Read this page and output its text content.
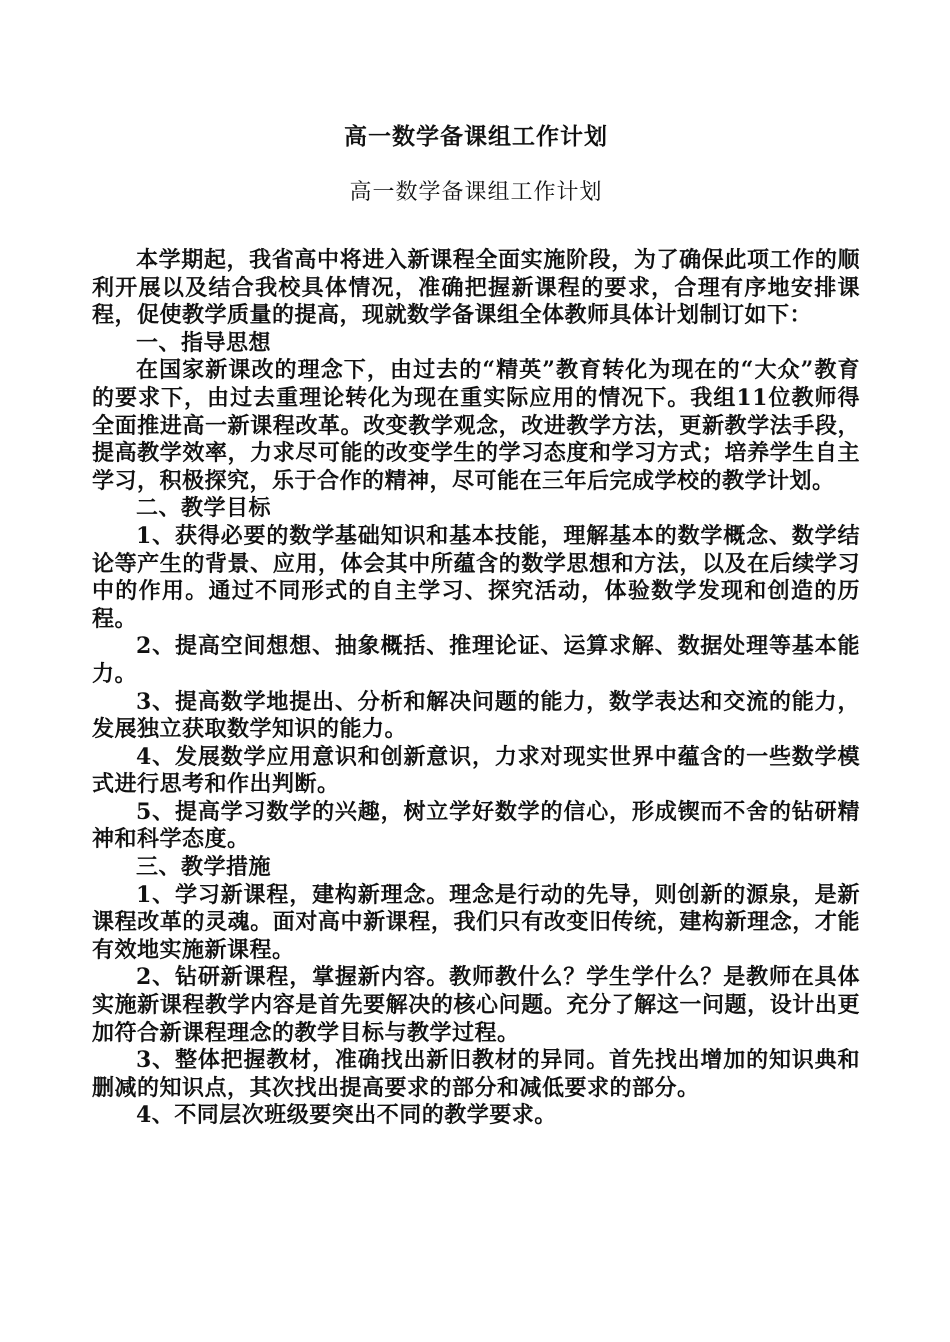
高一数学备课组工作计划
高一数学备课组工作计划

本学期起，我省高中将进入新课程全面实施阶段，为了确保此项工作的顺利开展以及结合我校具体情况，准确把握新课程的要求，合理有序地安排课程，促使教学质量的提高，现就数学备课组全体教师具体计划制订如下：

一、指导思想

在国家新课改的理念下，由过去的“精英”教育转化为现在的“大众”教育的要求下，由过去重理论转化为现在重实际应用的情况下。我组11位教师得全面推进高一新课程改革。改变教学观念，改进教学方法，更新教学法手段，提高教学效率，力求尽可能的改变学生的学习态度和学习方式；培养学生自主学习，积极探究，乐于合作的精神，尽可能在三年后完成学校的教学计划。

二、教学目标

1、获得必要的数学基础知识和基本技能，理解基本的数学概念、数学结论等产生的背景、应用，体会其中所蕴含的数学思想和方法，以及在后续学习中的作用。通过不同形式的自主学习、探究活动，体验数学发现和创造的历程。

2、提高空间想想、抽象概括、推理论证、运算求解、数据处理等基本能力。

3、提高数学地提出、分析和解决问题的能力，数学表达和交流的能力，发展独立获取数学知识的能力。

4、发展数学应用意识和创新意识，力求对现实世界中蕴含的一些数学模式进行思考和作出判断。

5、提高学习数学的兴趣，树立学好数学的信心，形成锲而不舍的钻研精神和科学态度。

三、教学措施

1、学习新课程，建构新理念。理念是行动的先导，则创新的源泉，是新课程改革的灵魂。面对高中新课程，我们只有改变旧传统，建构新理念，才能有效地实施新课程。

2、钻研新课程，掌握新内容。教师教什么？学生学什么？是教师在具体实施新课程教学内容是首先要解决的核心问题。充分了解这一问题，设计出更加符合新课程理念的教学目标与教学过程。

3、整体把握教材，准确找出新旧教材的异同。首先找出增加的知识典和删减的知识点，其次找出提高要求的部分和减低要求的部分。

4、不同层次班级要突出不同的教学要求。
